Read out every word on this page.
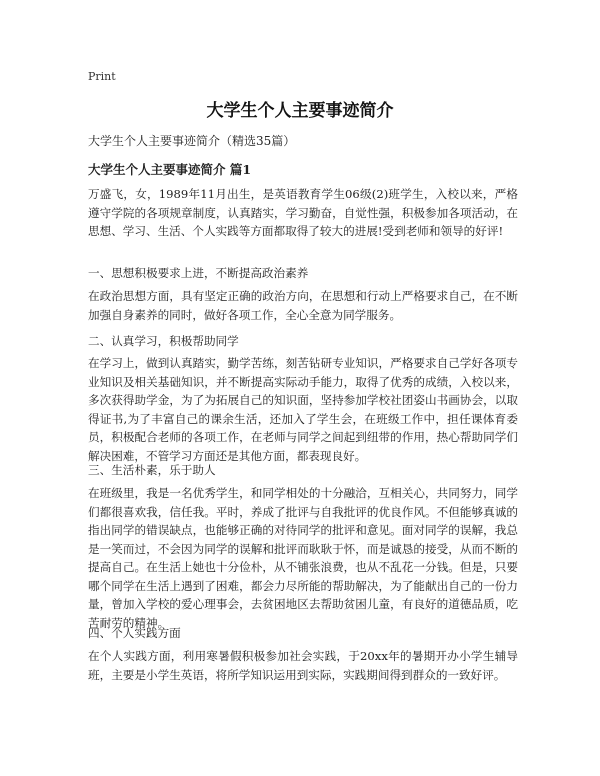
Print
大学生个人主要事迹简介

大学生个人主要事迹简介（精选35篇）

大学生个人主要事迹简介 篇1

万盛飞，女，1989年11月出生，是英语教育学生06级(2)班学生，入校以来，严格遵守学院的各项规章制度，认真踏实，学习勤奋，自觉性强，积极参加各项活动，在思想、学习、生活、个人实践等方面都取得了较大的进展!受到老师和领导的好评!

一、思想积极要求上进，不断提高政治素养

在政治思想方面，具有坚定正确的政治方向，在思想和行动上严格要求自己，在不断加强自身素养的同时，做好各项工作，全心全意为同学服务。

二、认真学习，积极帮助同学

在学习上，做到认真踏实，勤学苦练，刻苦钻研专业知识，严格要求自己学好各项专业知识及相关基础知识，并不断提高实际动手能力，取得了优秀的成绩，入校以来，多次获得助学金，为了为拓展自己的知识面，坚持参加学校社团姿山书画协会，以取得证书,为了丰富自己的课余生活，还加入了学生会，在班级工作中，担任课体育委员，积极配合老师的各项工作，在老师与同学之间起到纽带的作用，热心帮助同学们解决困难，不管学习方面还是其他方面，都表现良好。

三、生活朴素，乐于助人

在班级里，我是一名优秀学生，和同学相处的十分融洽，互相关心，共同努力，同学们都很喜欢我，信任我。平时，养成了批评与自我批评的优良作风。不但能够真诚的指出同学的错误缺点，也能够正确的对待同学的批评和意见。面对同学的误解，我总是一笑而过，不会因为同学的误解和批评而耿耿于怀，而是诚恳的接受，从而不断的提高自己。在生活上她也十分俭朴，从不铺张浪费，也从不乱花一分钱。但是，只要哪个同学在生活上遇到了困难，都会力尽所能的帮助解决，为了能献出自己的一份力量，曾加入学校的爱心理事会，去贫困地区去帮助贫困儿童，有良好的道德品质，吃苦耐劳的精神。

四、个人实践方面

在个人实践方面，利用寒暑假积极参加社会实践，于20xx年的暑期开办小学生辅导班，主要是小学生英语，将所学知识运用到实际，实践期间得到群众的一致好评。
